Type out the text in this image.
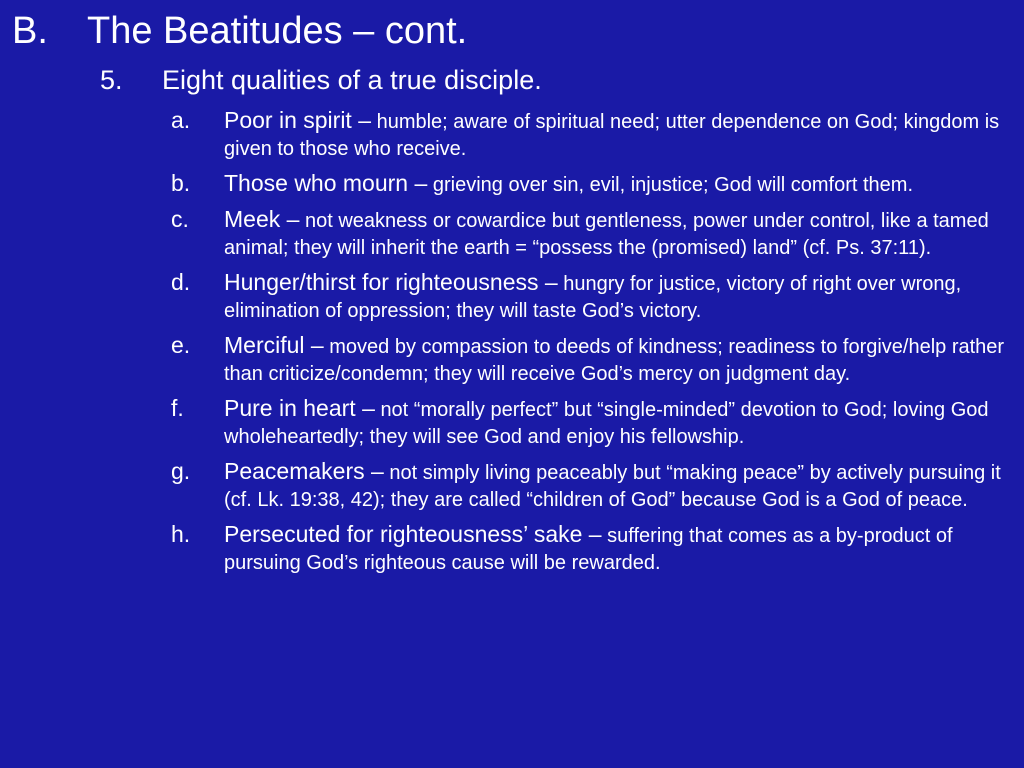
B. The Beatitudes – cont.
5. Eight qualities of a true disciple.
a.	Poor in spirit – humble; aware of spiritual need; utter dependence on God; kingdom is given to those who receive.
b.	Those who mourn – grieving over sin, evil, injustice; God will comfort them.
c.	Meek – not weakness or cowardice but gentleness, power under control, like a tamed animal; they will inherit the earth = “possess the (promised) land” (cf. Ps. 37:11).
d.	Hunger/thirst for righteousness – hungry for justice, victory of right over wrong, elimination of oppression; they will taste God’s victory.
e.	Merciful – moved by compassion to deeds of kindness; readiness to forgive/help rather than criticize/condemn; they will receive God’s mercy on judgment day.
f.	Pure in heart – not “morally perfect” but “single-minded” devotion to God; loving God wholeheartedly; they will see God and enjoy his fellowship.
g.	Peacemakers – not simply living peaceably but “making peace” by actively pursuing it (cf. Lk. 19:38, 42); they are called “children of God” because God is a God of peace.
h.	Persecuted for righteousness’ sake – suffering that comes as a by-product of pursuing God’s righteous cause will be rewarded.
